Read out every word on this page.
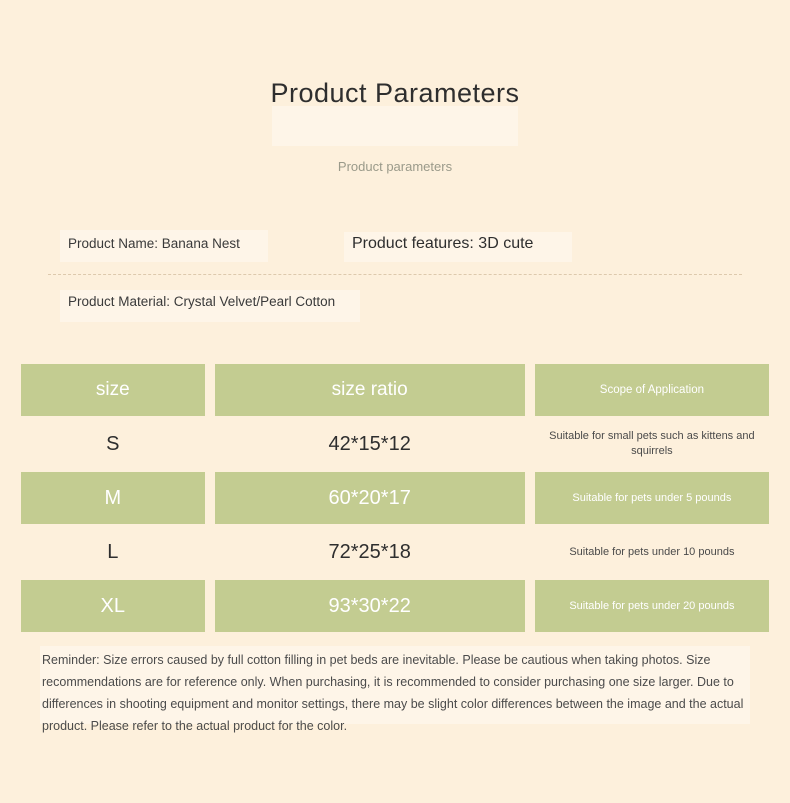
Product Parameters
Product parameters
Product Name: Banana Nest	Product features: 3D cute
Product Material: Crystal Velvet/Pearl Cotton
size	size ratio	Scope of Application
S	42*15*12	Suitable for small pets such as kittens and squirrels
M	60*20*17	Suitable for pets under 5 pounds
L	72*25*18	Suitable for pets under 10 pounds
XL	93*30*22	Suitable for pets under 20 pounds
Reminder: Size errors caused by full cotton filling in pet beds are inevitable. Please be cautious when taking photos. Size recommendations are for reference only. When purchasing, it is recommended to consider purchasing one size larger. Due to differences in shooting equipment and monitor settings, there may be slight color differences between the image and the actual product. Please refer to the actual product for the color.
